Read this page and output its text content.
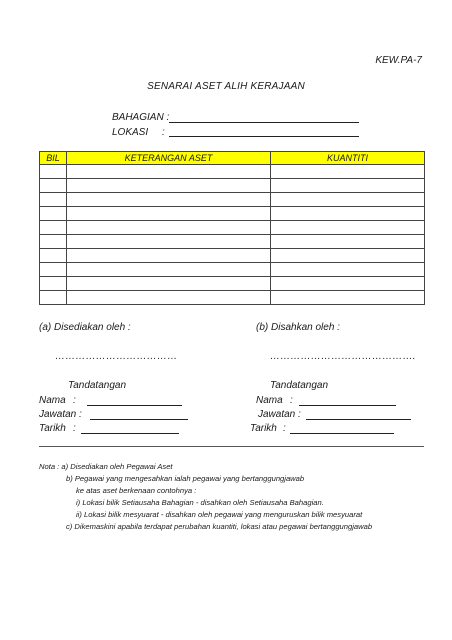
KEW.PA-7
SENARAI ASET ALIH KERAJAAN
BAHAGIAN :
LOKASI :
BIL	KETERANGAN ASET	KUANTITI

(a) Disediakan oleh :
………………………………
Tandatangan
Nama :
Jawatan :
Tarikh :
(b) Disahkan oleh :
…………………………………….
Tandatangan
Nama :
Jawatan :
Tarikh :
Nota : a) Disediakan oleh Pegawai Aset
b) Pegawai yang mengesahkan ialah pegawai yang bertanggungjawab
ke atas aset berkenaan contohnya :
i) Lokasi bilik Setiausaha Bahagian - disahkan oleh Setiausaha Bahagian.
ii) Lokasi bilik mesyuarat - disahkan oleh pegawai yang menguruskan bilik mesyuarat
c) Dikemaskini apabila terdapat perubahan kuantiti, lokasi atau pegawai bertanggungjawab
